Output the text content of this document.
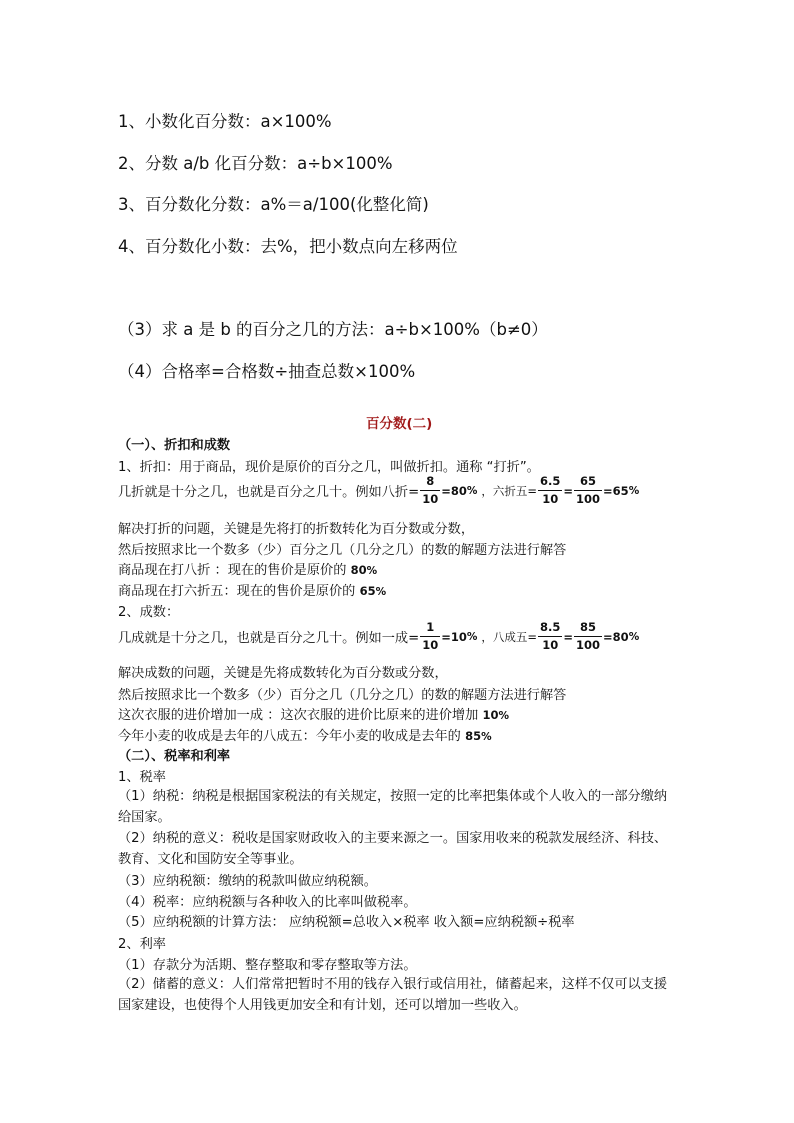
1、小数化百分数：a×100%
2、分数 a/b 化百分数：a÷b×100%
3、百分数化分数：a%＝a/100(化整化简)
4、百分数化小数：去%，把小数点向左移两位
（3）求 a 是 b 的百分之几的方法：a÷b×100%（b≠0）
（4）合格率=合格数÷抽查总数×100%
百分数(二)
（一）、折扣和成数
1、折扣：用于商品，现价是原价的百分之几，叫做折扣。通称 “打折”。
几折就是十分之几，也就是百分之几十。例如八折= $\frac{8}{10} =80$ % ，六折五= $\frac{6.5}{10} = \frac{65}{100} =65$ %
解决打折的问题，关键是先将打的折数转化为百分数或分数，
然后按照求比一个数多（少）百分之几（几分之几）的数的解题方法进行解答
商品现在打八折 ：现在的售价是原价的 80%
商品现在打六折五：现在的售价是原价的 65%
2、成数：
几成就是十分之几，也就是百分之几十。例如一成= $\frac{1}{10} =10$ % ，八成五= $\frac{8.5}{10} = \frac{85}{100} =80$ %
解决成数的问题，关键是先将成数转化为百分数或分数，
然后按照求比一个数多（少）百分之几（几分之几）的数的解题方法进行解答
这次衣服的进价增加一成 ：这次衣服的进价比原来的进价增加 10%
今年小麦的收成是去年的八成五：今年小麦的收成是去年的 85%
（二）、税率和利率
1、税率
（1）纳税：纳税是根据国家税法的有关规定，按照一定的比率把集体或个人收入的一部分缴纳给国家。
（2）纳税的意义：税收是国家财政收入的主要来源之一。国家用收来的税款发展经济、科技、教育、文化和国防安全等事业。
（3）应纳税额：缴纳的税款叫做应纳税额。
（4）税率：应纳税额与各种收入的比率叫做税率。
（5）应纳税额的计算方法： 应纳税额=总收入×税率 收入额=应纳税额÷税率
2、利率
（1）存款分为活期、整存整取和零存整取等方法。
（2）储蓄的意义：人们常常把暂时不用的钱存入银行或信用社，储蓄起来，这样不仅可以支援国家建设，也使得个人用钱更加安全和有计划，还可以增加一些收入。
